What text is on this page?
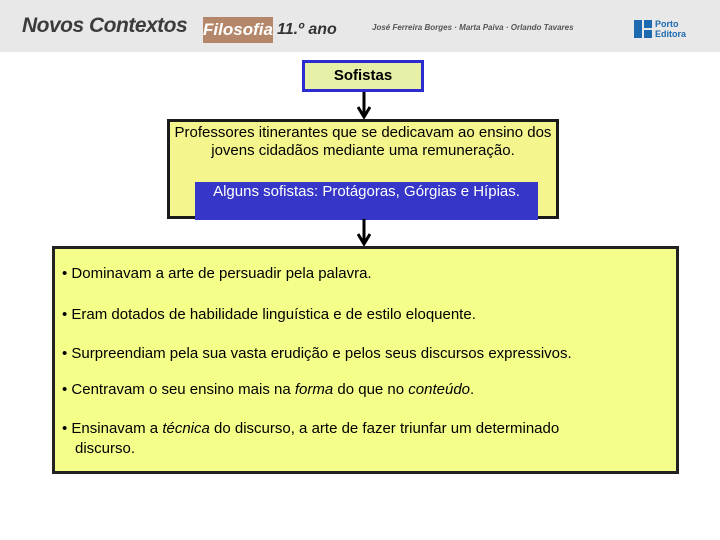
Novos Contextos Filosofia 11.º ano	José Ferreira Borges · Marta Paiva · Orlando Tavares	Porto
Editora
Sofistas
Professores itinerantes que se dedicavam ao ensino dos jovens cidadãos mediante uma remuneração.
Alguns sofistas: Protágoras, Górgias e Hípias.
• Dominavam a arte de persuadir pela palavra.
• Eram dotados de habilidade linguística e de estilo eloquente.
• Surpreendiam pela sua vasta erudição e pelos seus discursos expressivos.
• Centravam o seu ensino mais na forma do que no conteúdo.
• Ensinavam a técnica do discurso, a arte de fazer triunfar um determinado
discurso.
